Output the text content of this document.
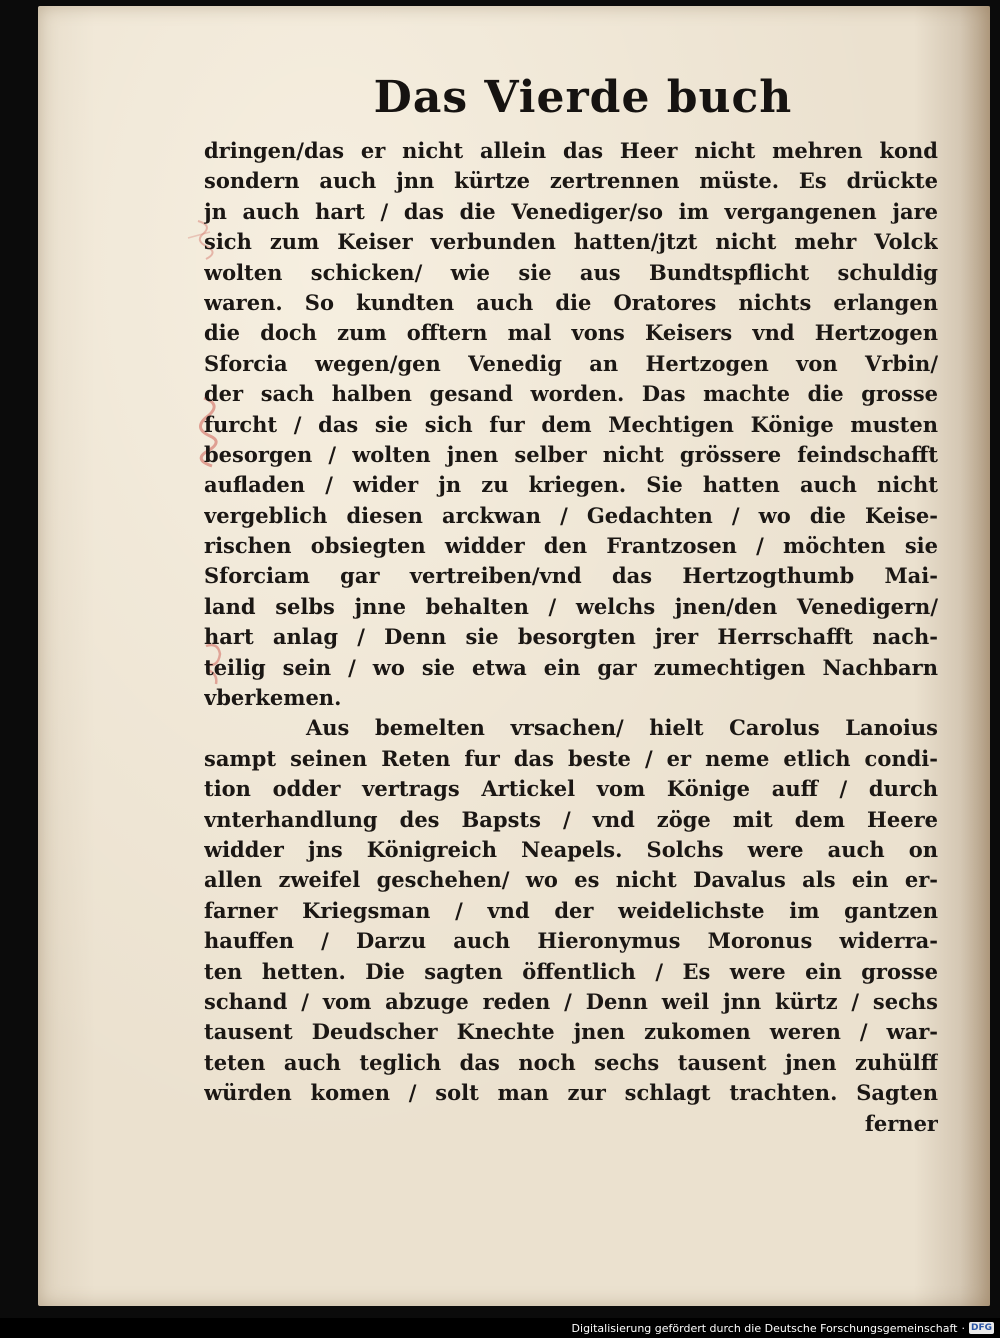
Das Vierde buch
dringen/das er nicht allein das Heer nicht mehren kond
sondern auch jnn kürtze zertrennen müste. Es drückte
jn auch hart / das die Venediger/so im vergangenen jare
sich zum Keiser verbunden hatten/jtzt nicht mehr Volck
wolten schicken/ wie sie aus Bundtspflicht schuldig
waren. So kundten auch die Oratores nichts erlangen
die doch zum offtern mal vons Keisers vnd Hertzogen
Sforcia wegen/gen Venedig an Hertzogen von Vrbin/
der sach halben gesand worden. Das machte die grosse
furcht / das sie sich fur dem Mechtigen Könige musten
besorgen / wolten jnen selber nicht grössere feindschafft
aufladen / wider jn zu kriegen. Sie hatten auch nicht
vergeblich diesen arckwan / Gedachten / wo die Keise-
rischen obsiegten widder den Frantzosen / möchten sie
Sforciam gar vertreiben/vnd das Hertzogthumb Mai-
land selbs jnne behalten / welchs jnen/den Venedigern/
hart anlag / Denn sie besorgten jrer Herrschafft nach-
teilig sein / wo sie etwa ein gar zumechtigen Nachbarn
vberkemen.
Aus bemelten vrsachen/ hielt Carolus Lanoius
sampt seinen Reten fur das beste / er neme etlich condi-
tion odder vertrags Artickel vom Könige auff / durch
vnterhandlung des Bapsts / vnd zöge mit dem Heere
widder jns Königreich Neapels. Solchs were auch on
allen zweifel geschehen/ wo es nicht Davalus als ein er-
farner Kriegsman / vnd der weidelichste im gantzen
hauffen / Darzu auch Hieronymus Moronus widerra-
ten hetten. Die sagten öffentlich / Es were ein grosse
schand / vom abzuge reden / Denn weil jnn kürtz / sechs
tausent Deudscher Knechte jnen zukomen weren / war-
teten auch teglich das noch sechs tausent jnen zuhülff
würden komen / solt man zur schlagt trachten. Sagten
ferner
Digitalisierung gefördert durch die Deutsche Forschungsgemeinschaft · DFG
